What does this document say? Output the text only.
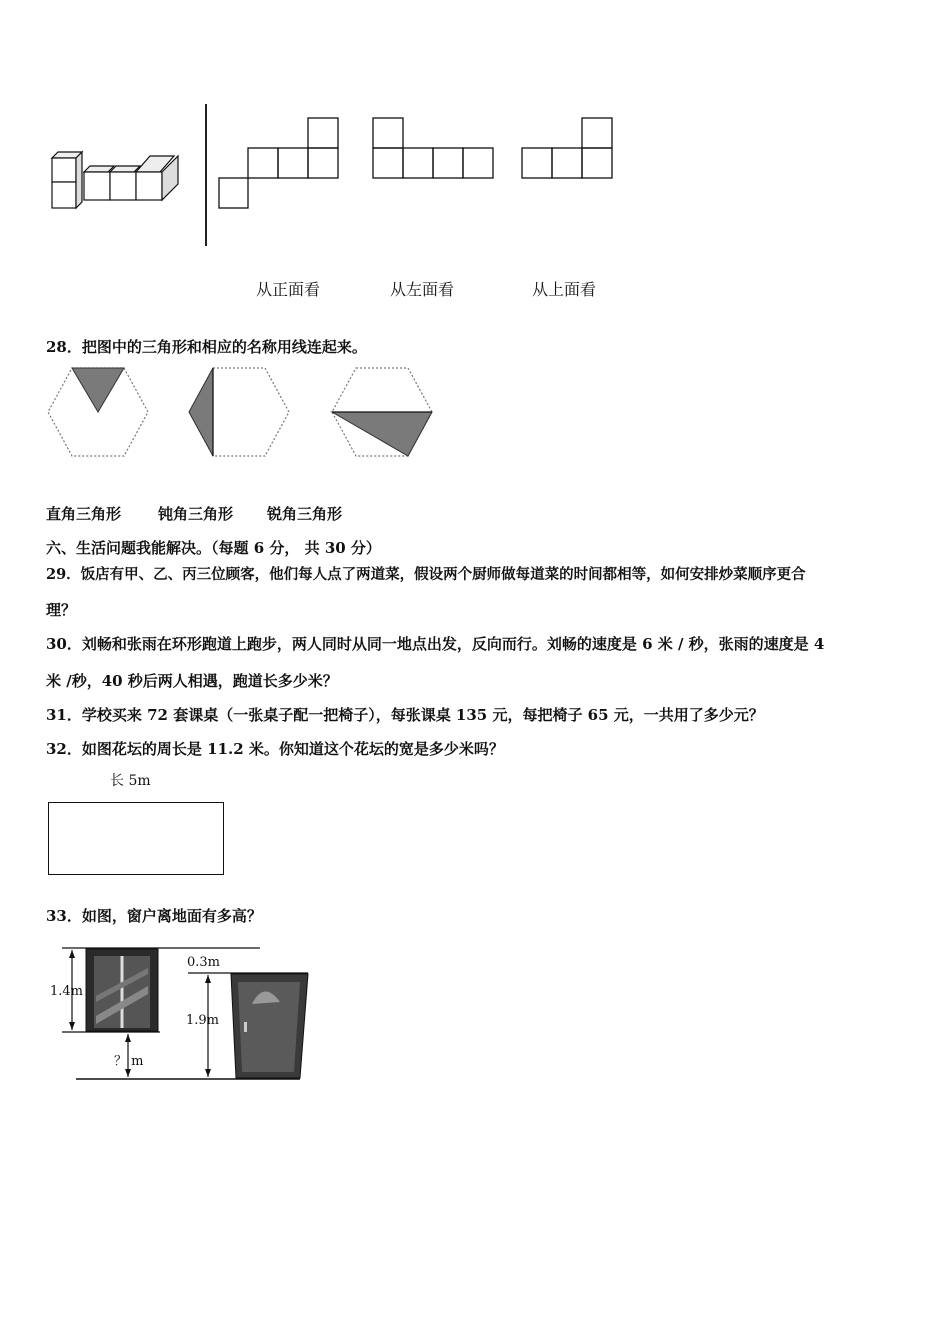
从正面看	从左面看	从上面看
28．把图中的三角形和相应的名称用线连起来。
直角三角形 钝角三角形 锐角三角形
六、生活问题我能解决。（每题 6 分， 共 30 分）
29．饭店有甲、乙、丙三位顾客，他们每人点了两道菜，假设两个厨师做每道菜的时间都相等，如何安排炒菜顺序更合
理？
30．刘畅和张雨在环形跑道上跑步，两人同时从同一地点出发，反向而行。刘畅的速度是 6 米 / 秒，张雨的速度是 4
米 /秒，40 秒后两人相遇，跑道长多少米？
31．学校买来 72 套课桌（一张桌子配一把椅子），每张课桌 135 元，每把椅子 65 元，一共用了多少元？
32．如图花坛的周长是 11.2 米。你知道这个花坛的宽是多少米吗？
长 5m
33．如图，窗户离地面有多高？
1.4m
0.3m
1.9m
？ m
